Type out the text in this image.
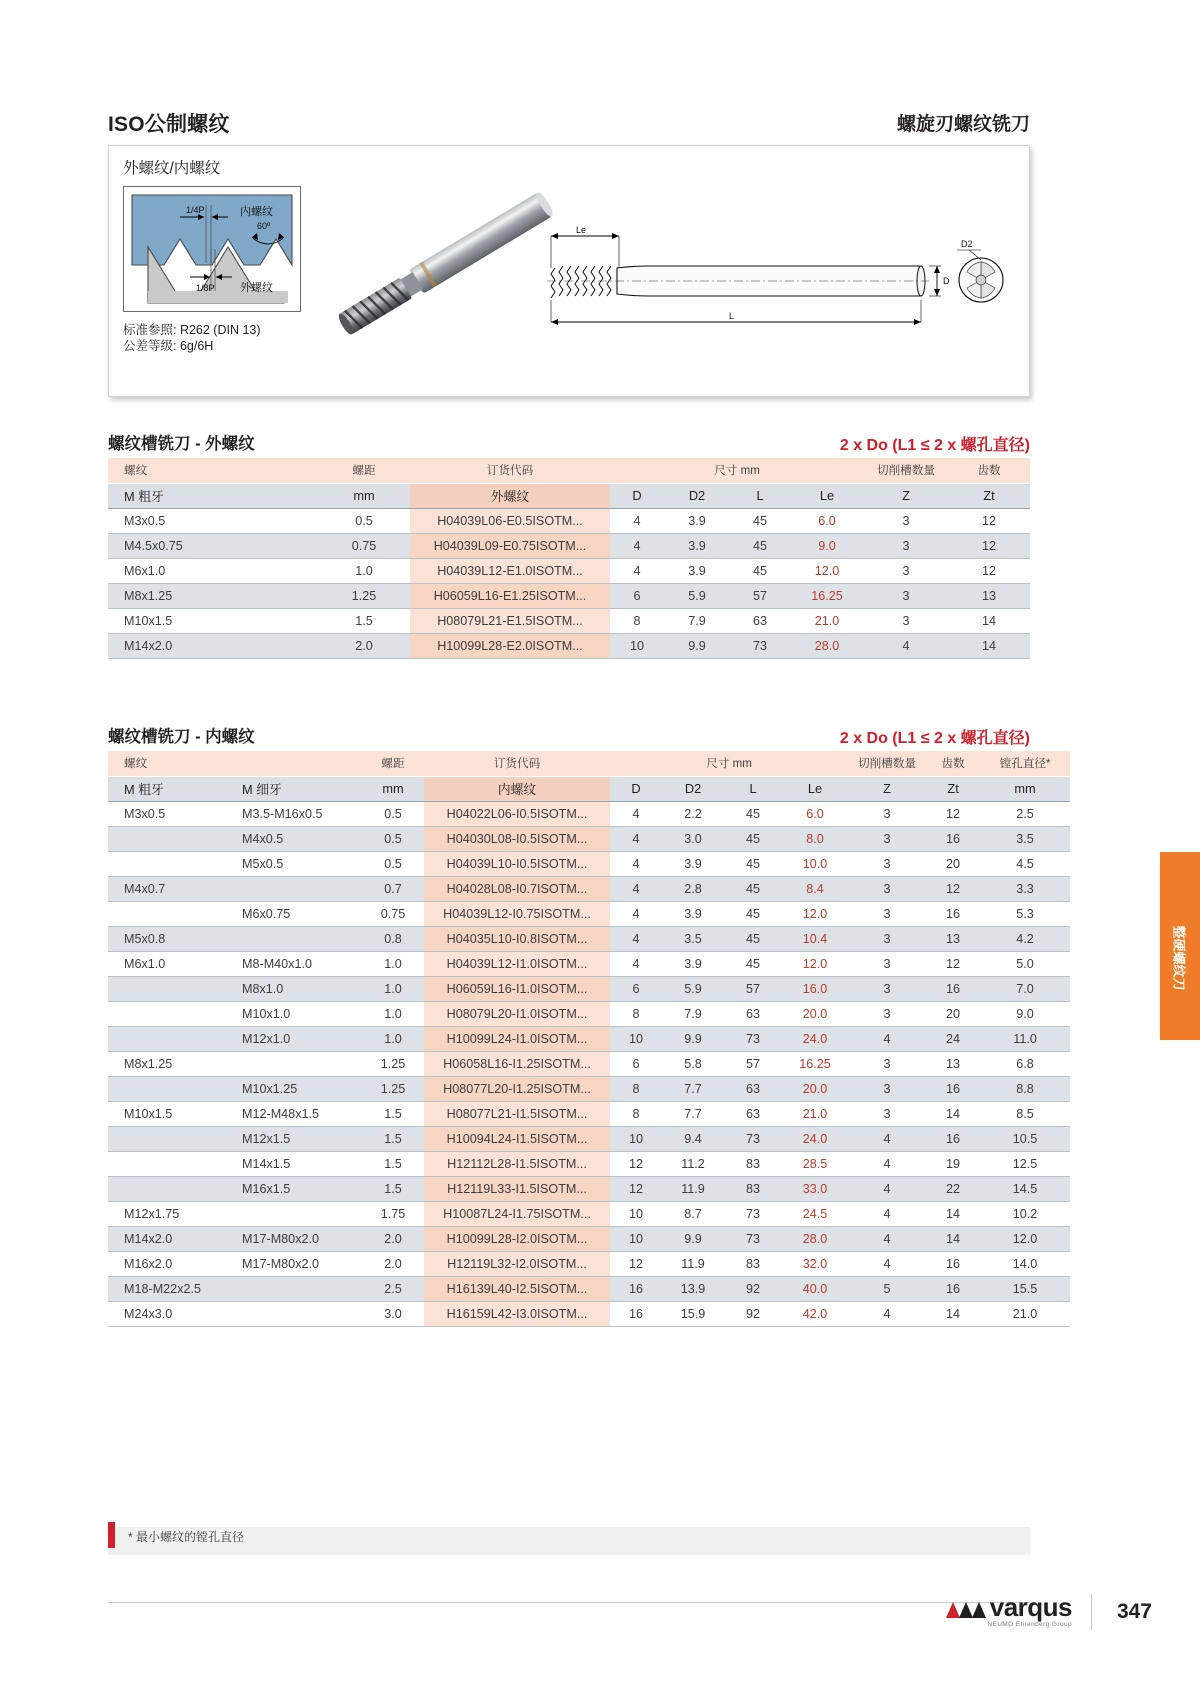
ISO公制螺纹	螺旋刃螺纹铣刀
外螺纹/内螺纹
1/4P	内螺纹
60º
1/8P 外螺纹
标准参照: R262 (DIN 13)
公差等级: 6g/6H
Le
L
D
D2
螺纹槽铣刀 - 外螺纹	2 x Do (L1 ≤ 2 x 螺孔直径)
螺纹	螺距	订货代码	尺寸 mm				切削槽数量	齿数
M 粗牙	mm	外螺纹	D	D2	L	Le	Z	Zt
M3x0.5	0.5	H04039L06-E0.5ISOTM...	4	3.9	45	6.0	3	12
M4.5x0.75	0.75	H04039L09-E0.75ISOTM...	4	3.9	45	9.0	3	12
M6x1.0	1.0	H04039L12-E1.0ISOTM...	4	3.9	45	12.0	3	12
M8x1.25	1.25	H06059L16-E1.25ISOTM...	6	5.9	57	16.25	3	13
M10x1.5	1.5	H08079L21-E1.5ISOTM...	8	7.9	63	21.0	3	14
M14x2.0	2.0	H10099L28-E2.0ISOTM...	10	9.9	73	28.0	4	14
螺纹槽铣刀 - 内螺纹	2 x Do (L1 ≤ 2 x 螺孔直径)
螺纹		螺距	订货代码	尺寸 mm				切削槽数量	齿数	镗孔直径*
M 粗牙	M 细牙	mm	内螺纹	D	D2	L	Le	Z	Zt	mm
M3x0.5	M3.5-M16x0.5	0.5	H04022L06-I0.5ISOTM...	4	2.2	45	6.0	3	12	2.5
	M4x0.5	0.5	H04030L08-I0.5ISOTM...	4	3.0	45	8.0	3	16	3.5
	M5x0.5	0.5	H04039L10-I0.5ISOTM...	4	3.9	45	10.0	3	20	4.5
M4x0.7		0.7	H04028L08-I0.7ISOTM...	4	2.8	45	8.4	3	12	3.3
	M6x0.75	0.75	H04039L12-I0.75ISOTM...	4	3.9	45	12.0	3	16	5.3
M5x0.8		0.8	H04035L10-I0.8ISOTM...	4	3.5	45	10.4	3	13	4.2
M6x1.0	M8-M40x1.0	1.0	H04039L12-I1.0ISOTM...	4	3.9	45	12.0	3	12	5.0
	M8x1.0	1.0	H06059L16-I1.0ISOTM...	6	5.9	57	16.0	3	16	7.0
	M10x1.0	1.0	H08079L20-I1.0ISOTM...	8	7.9	63	20.0	3	20	9.0
	M12x1.0	1.0	H10099L24-I1.0ISOTM...	10	9.9	73	24.0	4	24	11.0
M8x1.25		1.25	H06058L16-I1.25ISOTM...	6	5.8	57	16.25	3	13	6.8
	M10x1.25	1.25	H08077L20-I1.25ISOTM...	8	7.7	63	20.0	3	16	8.8
M10x1.5	M12-M48x1.5	1.5	H08077L21-I1.5ISOTM...	8	7.7	63	21.0	3	14	8.5
	M12x1.5	1.5	H10094L24-I1.5ISOTM...	10	9.4	73	24.0	4	16	10.5
	M14x1.5	1.5	H12112L28-I1.5ISOTM...	12	11.2	83	28.5	4	19	12.5
	M16x1.5	1.5	H12119L33-I1.5ISOTM...	12	11.9	83	33.0	4	22	14.5
M12x1.75		1.75	H10087L24-I1.75ISOTM...	10	8.7	73	24.5	4	14	10.2
M14x2.0	M17-M80x2.0	2.0	H10099L28-I2.0ISOTM...	10	9.9	73	28.0	4	14	12.0
M16x2.0	M17-M80x2.0	2.0	H12119L32-I2.0ISOTM...	12	11.9	83	32.0	4	16	14.0
M18-M22x2.5		2.5	H16139L40-I2.5ISOTM...	16	13.9	92	40.0	5	16	15.5
M24x3.0		3.0	H16159L42-I3.0ISOTM...	16	15.9	92	42.0	4	14	21.0
整硬螺纹刀
* 最小螺纹的镗孔直径
varqus
NEUMO Ehrenberg Group
347
